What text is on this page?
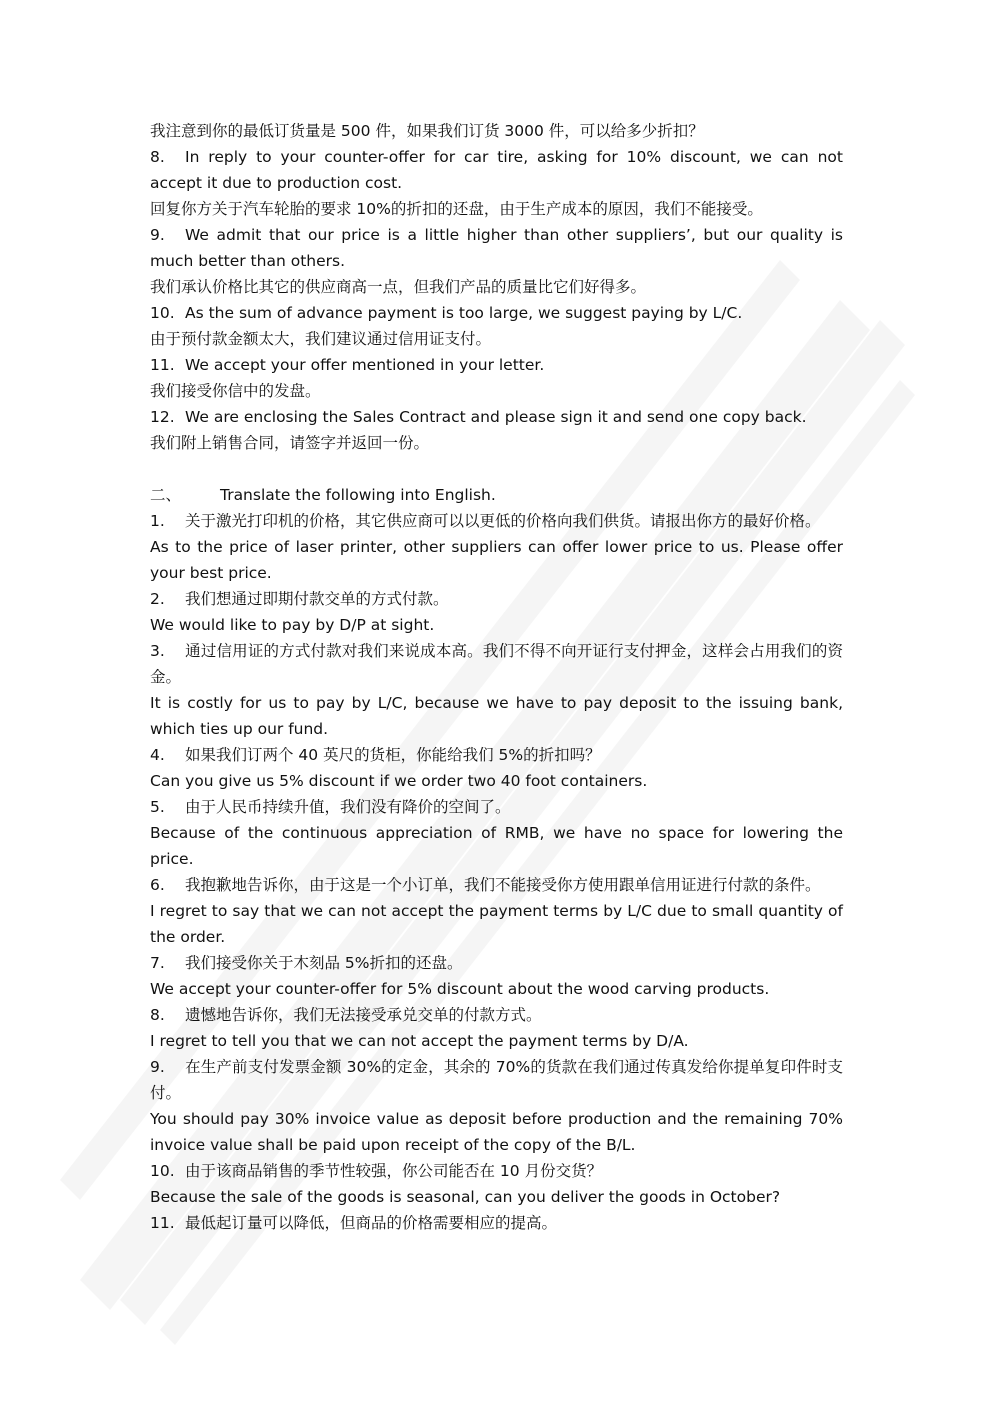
我注意到你的最低订货量是 500 件，如果我们订货 3000 件，可以给多少折扣？

8. In reply to your counter-offer for car tire, asking for 10% discount, we can not accept it due to production cost.

回复你方关于汽车轮胎的要求 10%的折扣的还盘，由于生产成本的原因，我们不能接受。

9. We admit that our price is a little higher than other suppliers’, but our quality is much better than others.

我们承认价格比其它的供应商高一点，但我们产品的质量比它们好得多。

10. As the sum of advance payment is too large, we suggest paying by L/C.

由于预付款金额太大，我们建议通过信用证支付。

11. We accept your offer mentioned in your letter.

我们接受你信中的发盘。

12. We are enclosing the Sales Contract and please sign it and send one copy back.

我们附上销售合同，请签字并返回一份。

二、	Translate the following into English.

1. 关于激光打印机的价格，其它供应商可以以更低的价格向我们供货。请报出你方的最好价格。

As to the price of laser printer, other suppliers can offer lower price to us. Please offer your best price.

2. 我们想通过即期付款交单的方式付款。

We would like to pay by D/P at sight.

3. 通过信用证的方式付款对我们来说成本高。我们不得不向开证行支付押金，这样会占用我们的资金。

It is costly for us to pay by L/C, because we have to pay deposit to the issuing bank, which ties up our fund.

4. 如果我们订两个 40 英尺的货柜，你能给我们 5%的折扣吗？

Can you give us 5% discount if we order two 40 foot containers.

5. 由于人民币持续升值，我们没有降价的空间了。

Because of the continuous appreciation of RMB, we have no space for lowering the price.

6. 我抱歉地告诉你，由于这是一个小订单，我们不能接受你方使用跟单信用证进行付款的条件。

I regret to say that we can not accept the payment terms by L/C due to small quantity of the order.

7. 我们接受你关于木刻品 5%折扣的还盘。

We accept your counter-offer for 5% discount about the wood carving products.

8. 遗憾地告诉你，我们无法接受承兑交单的付款方式。

I regret to tell you that we can not accept the payment terms by D/A.

9. 在生产前支付发票金额 30%的定金，其余的 70%的货款在我们通过传真发给你提单复印件时支付。

You should pay 30% invoice value as deposit before production and the remaining 70% invoice value shall be paid upon receipt of the copy of the B/L.

10. 由于该商品销售的季节性较强，你公司能否在 10 月份交货？

Because the sale of the goods is seasonal, can you deliver the goods in October?

11. 最低起订量可以降低，但商品的价格需要相应的提高。
